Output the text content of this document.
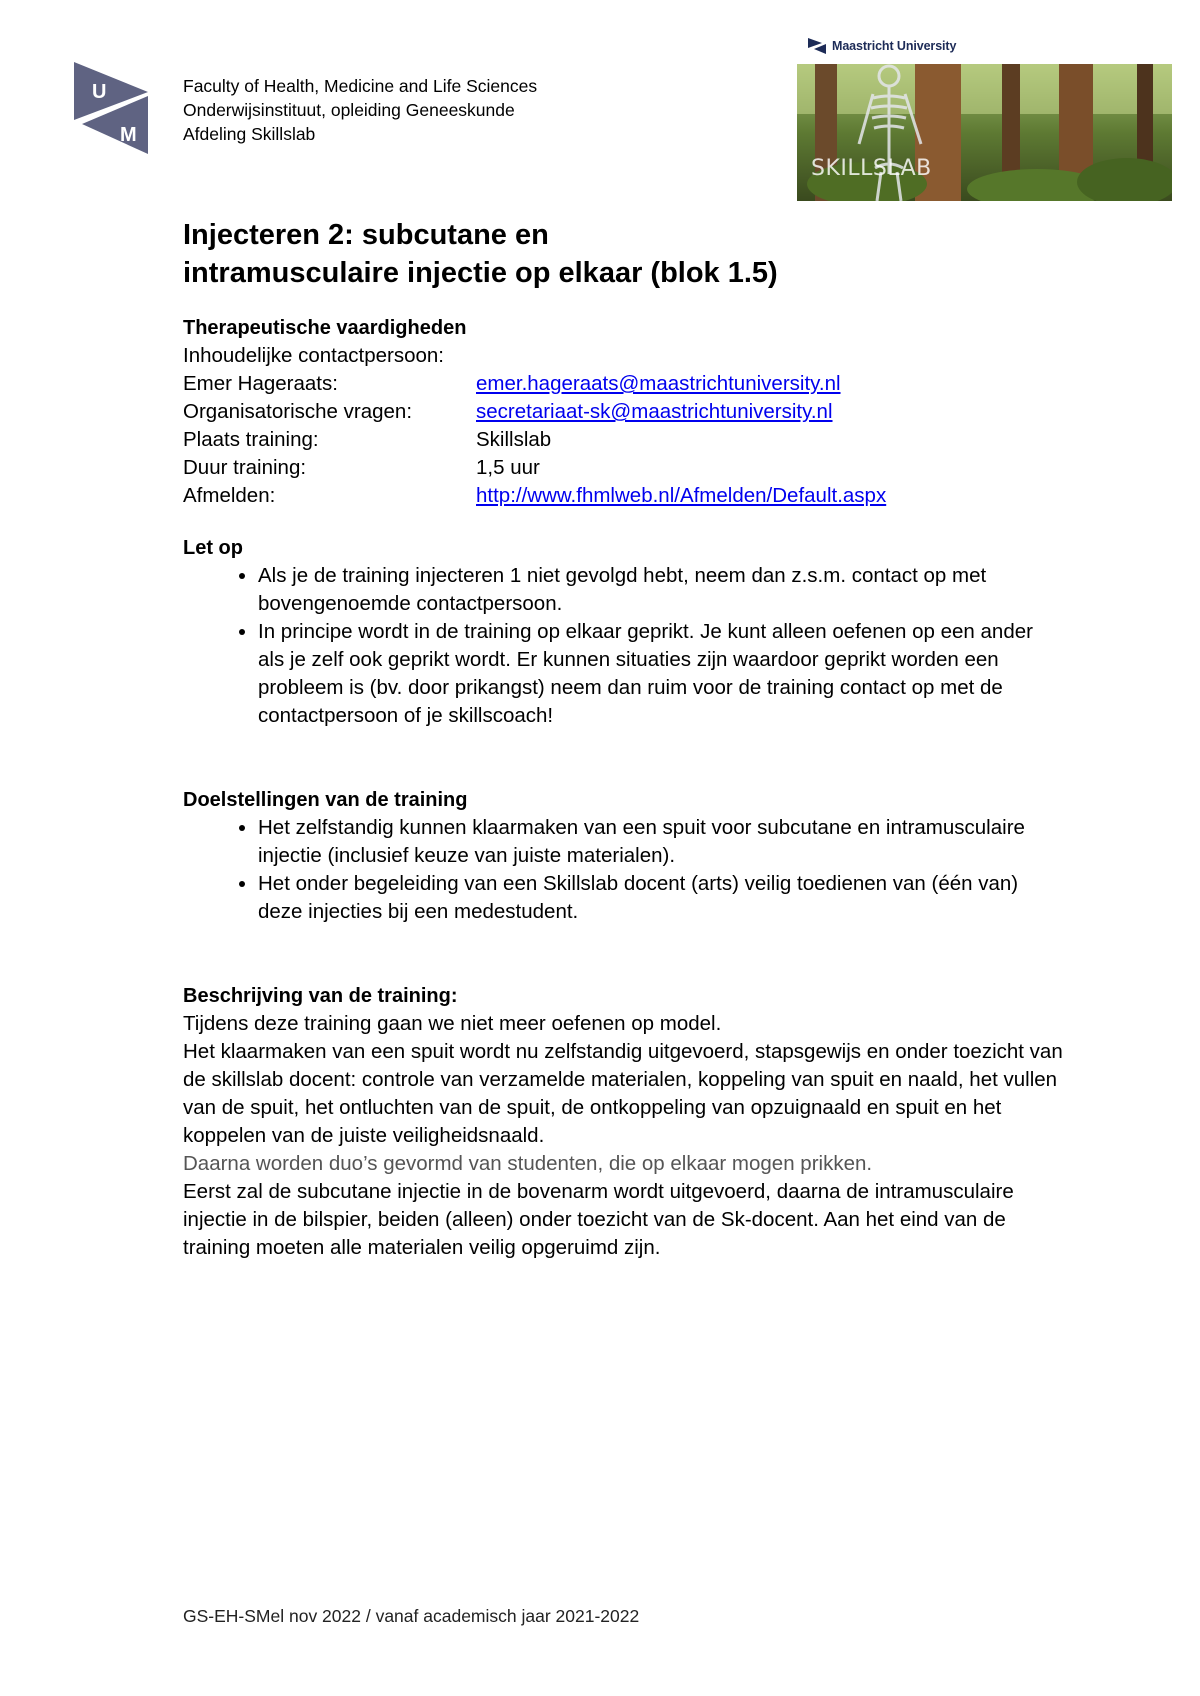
U
M
Faculty of Health, Medicine and Life Sciences
Onderwijsinstituut, opleiding Geneeskunde
Afdeling Skillslab
Maastricht University
SKILLSLAB
Injecteren 2: subcutane en
intramusculaire injectie op elkaar (blok 1.5)
Therapeutische vaardigheden

Inhoudelijke contactpersoon:

Emer Hageraats:	emer.hageraats@maastrichtuniversity.nl
Organisatorische vragen:	secretariaat-sk@maastrichtuniversity.nl
Plaats training:	Skillslab
Duur training:	1,5 uur
Afmelden:	http://www.fhmlweb.nl/Afmelden/Default.aspx
Let op
• Als je de training injecteren 1 niet gevolgd hebt, neem dan z.s.m. contact op met bovengenoemde contactpersoon.
• In principe wordt in de training op elkaar geprikt. Je kunt alleen oefenen op een ander als je zelf ook geprikt wordt. Er kunnen situaties zijn waardoor geprikt worden een probleem is (bv. door prikangst) neem dan ruim voor de training contact op met de contactpersoon of je skillscoach!
Doelstellingen van de training
• Het zelfstandig kunnen klaarmaken van een spuit voor subcutane en intramusculaire injectie (inclusief keuze van juiste materialen).
• Het onder begeleiding van een Skillslab docent (arts) veilig toedienen van (één van) deze injecties bij een medestudent.
Beschrijving van de training:

Tijdens deze training gaan we niet meer oefenen op model.

Het klaarmaken van een spuit wordt nu zelfstandig uitgevoerd, stapsgewijs en onder toezicht van de skillslab docent: controle van verzamelde materialen, koppeling van spuit en naald, het vullen van de spuit, het ontluchten van de spuit, de ontkoppeling van opzuignaald en spuit en het koppelen van de juiste veiligheidsnaald.

Daarna worden duo’s gevormd van studenten, die op elkaar mogen prikken.

Eerst zal de subcutane injectie in de bovenarm wordt uitgevoerd, daarna de intramusculaire injectie in de bilspier, beiden (alleen) onder toezicht van de Sk-docent. Aan het eind van de training moeten alle materialen veilig opgeruimd zijn.

GS-EH-SMel nov 2022 / vanaf academisch jaar 2021-2022
